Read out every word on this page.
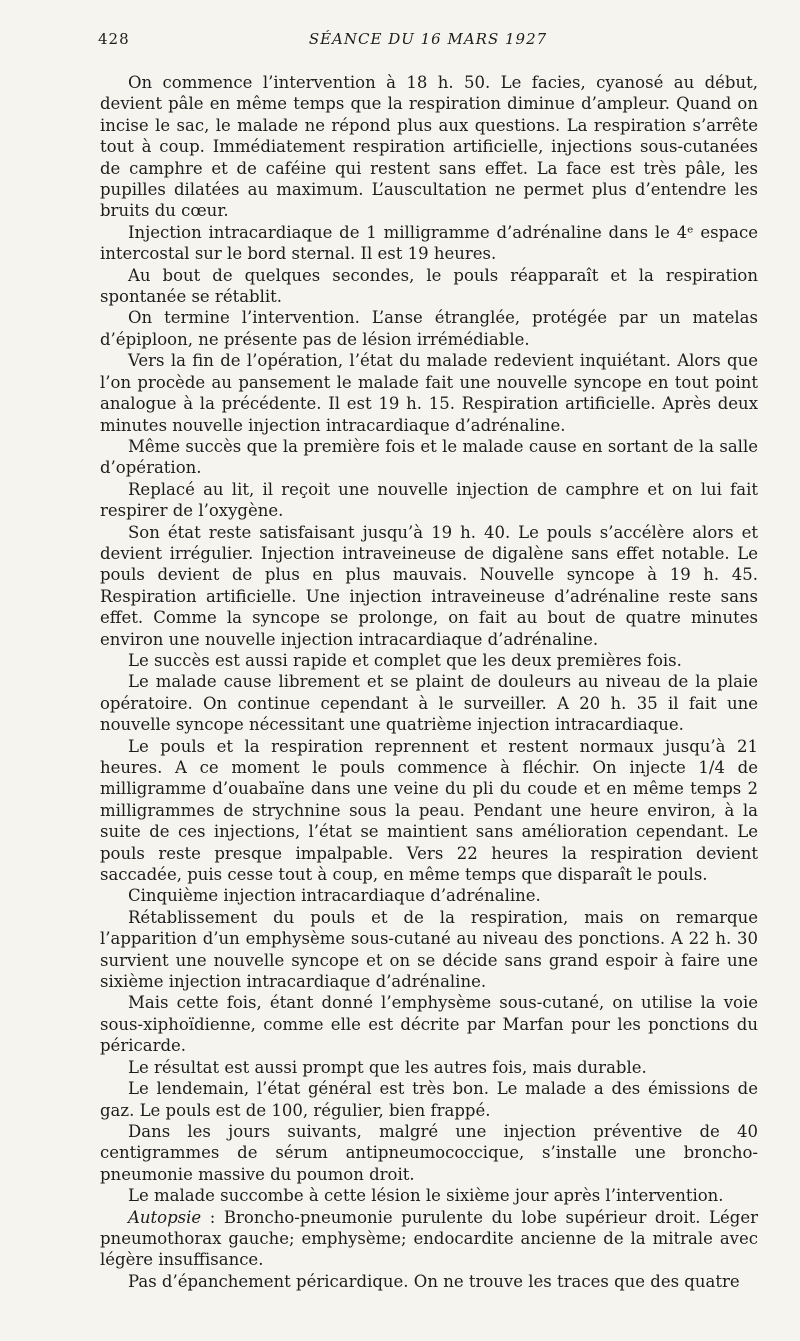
428	SÉANCE DU 16 MARS 1927

On commence l’intervention à 18 h. 50. Le facies, cyanosé au début, devient pâle en même temps que la respiration diminue d’ampleur. Quand on incise le sac, le malade ne répond plus aux questions. La respiration s’arrête tout à coup. Immédiatement respiration artificielle, injections sous-cutanées de camphre et de caféine qui restent sans effet. La face est très pâle, les pupilles dilatées au maximum. L’auscultation ne permet plus d’entendre les bruits du cœur.

Injection intracardiaque de 1 milligramme d’adrénaline dans le 4ᵉ espace intercostal sur le bord sternal. Il est 19 heures.

Au bout de quelques secondes, le pouls réapparaît et la respiration spontanée se rétablit.

On termine l’intervention. L’anse étranglée, protégée par un matelas d’épiploon, ne présente pas de lésion irrémédiable.

Vers la fin de l’opération, l’état du malade redevient inquiétant. Alors que l’on procède au pansement le malade fait une nouvelle syncope en tout point analogue à la précédente. Il est 19 h. 15. Respiration artificielle. Après deux minutes nouvelle injection intracardiaque d’adrénaline.

Même succès que la première fois et le malade cause en sortant de la salle d’opération.

Replacé au lit, il reçoit une nouvelle injection de camphre et on lui fait respirer de l’oxygène.

Son état reste satisfaisant jusqu’à 19 h. 40. Le pouls s’accélère alors et devient irrégulier. Injection intraveineuse de digalène sans effet notable. Le pouls devient de plus en plus mauvais. Nouvelle syncope à 19 h. 45. Respiration artificielle. Une injection intraveineuse d’adrénaline reste sans effet. Comme la syncope se prolonge, on fait au bout de quatre minutes environ une nouvelle injection intracardiaque d’adrénaline.

Le succès est aussi rapide et complet que les deux premières fois.

Le malade cause librement et se plaint de douleurs au niveau de la plaie opératoire. On continue cependant à le surveiller. A 20 h. 35 il fait une nouvelle syncope nécessitant une quatrième injection intracardiaque.

Le pouls et la respiration reprennent et restent normaux jusqu’à 21 heures. A ce moment le pouls commence à fléchir. On injecte 1/4 de milligramme d’ouabaïne dans une veine du pli du coude et en même temps 2 milligrammes de strychnine sous la peau. Pendant une heure environ, à la suite de ces injections, l’état se maintient sans amélioration cependant. Le pouls reste presque impalpable. Vers 22 heures la respiration devient saccadée, puis cesse tout à coup, en même temps que disparaît le pouls.

Cinquième injection intracardiaque d’adrénaline.

Rétablissement du pouls et de la respiration, mais on remarque l’apparition d’un emphysème sous-cutané au niveau des ponctions. A 22 h. 30 survient une nouvelle syncope et on se décide sans grand espoir à faire une sixième injection intracardiaque d’adrénaline.

Mais cette fois, étant donné l’emphysème sous-cutané, on utilise la voie sous-xiphoïdienne, comme elle est décrite par Marfan pour les ponctions du péricarde.

Le résultat est aussi prompt que les autres fois, mais durable.

Le lendemain, l’état général est très bon. Le malade a des émissions de gaz. Le pouls est de 100, régulier, bien frappé.

Dans les jours suivants, malgré une injection préventive de 40 centigrammes de sérum antipneumococcique, s’installe une broncho-pneumonie massive du poumon droit.

Le malade succombe à cette lésion le sixième jour après l’intervention.

Autopsie : Broncho-pneumonie purulente du lobe supérieur droit. Léger pneumothorax gauche; emphysème; endocardite ancienne de la mitrale avec légère insuffisance.

Pas d’épanchement péricardique. On ne trouve les traces que des quatre
